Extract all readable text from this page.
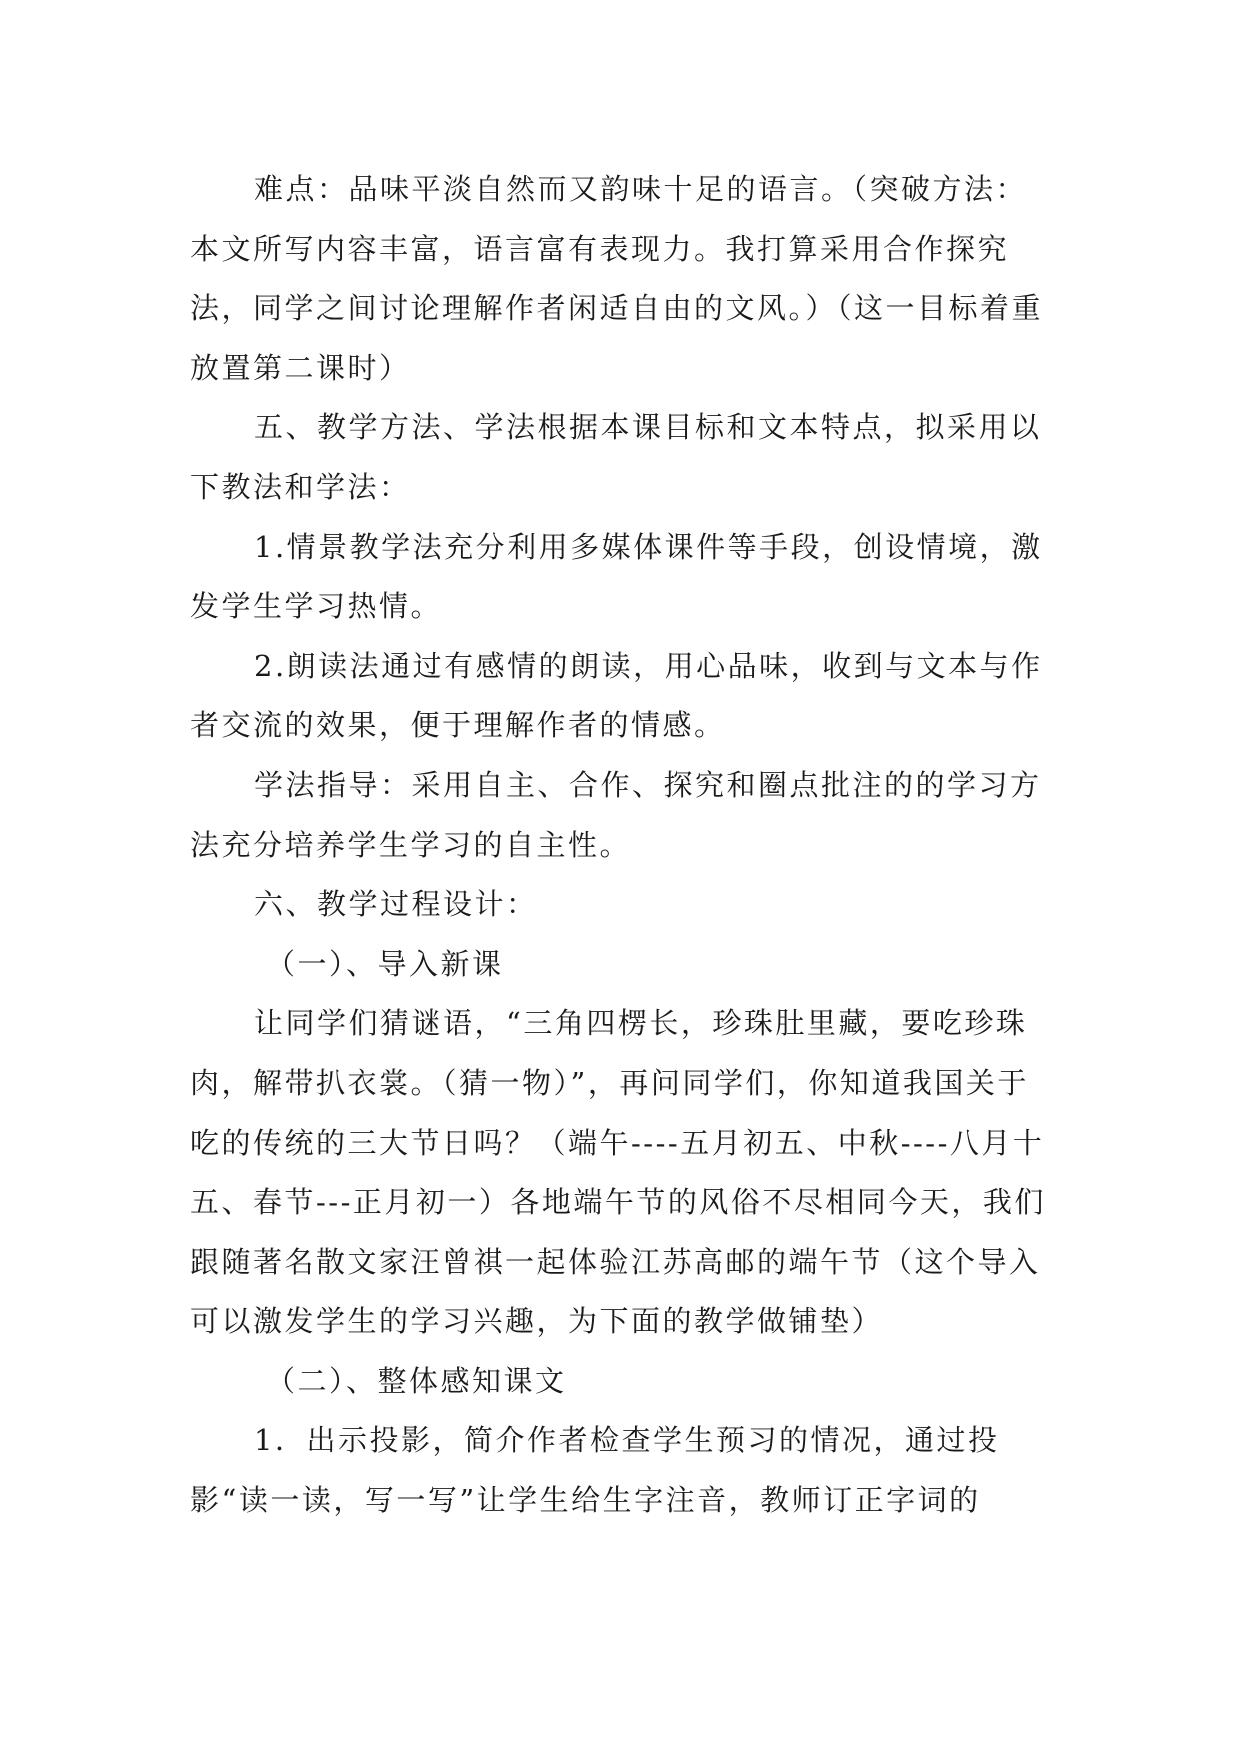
难点：品味平淡自然而又韵味十足的语言。（突破方法：本文所写内容丰富，语言富有表现力。我打算采用合作探究法，同学之间讨论理解作者闲适自由的文风。）（这一目标着重放置第二课时）

五、教学方法、学法根据本课目标和文本特点，拟采用以下教法和学法：

1.情景教学法充分利用多媒体课件等手段，创设情境，激发学生学习热情。

2.朗读法通过有感情的朗读，用心品味，收到与文本与作者交流的效果，便于理解作者的情感。

学法指导：采用自主、合作、探究和圈点批注的的学习方法充分培养学生学习的自主性。

六、教学过程设计：

（一）、导入新课

让同学们猜谜语，“三角四楞长，珍珠肚里藏，要吃珍珠肉，解带扒衣裳。（猜一物）”，再问同学们，你知道我国关于吃的传统的三大节日吗？（端午----五月初五、中秋----八月十五、春节---正月初一）各地端午节的风俗不尽相同今天，我们跟随著名散文家汪曾祺一起体验江苏高邮的端午节（这个导入可以激发学生的学习兴趣，为下面的教学做铺垫）

（二）、整体感知课文

1．出示投影，简介作者检查学生预习的情况，通过投影“读一读，写一写”让学生给生字注音，教师订正字词的
